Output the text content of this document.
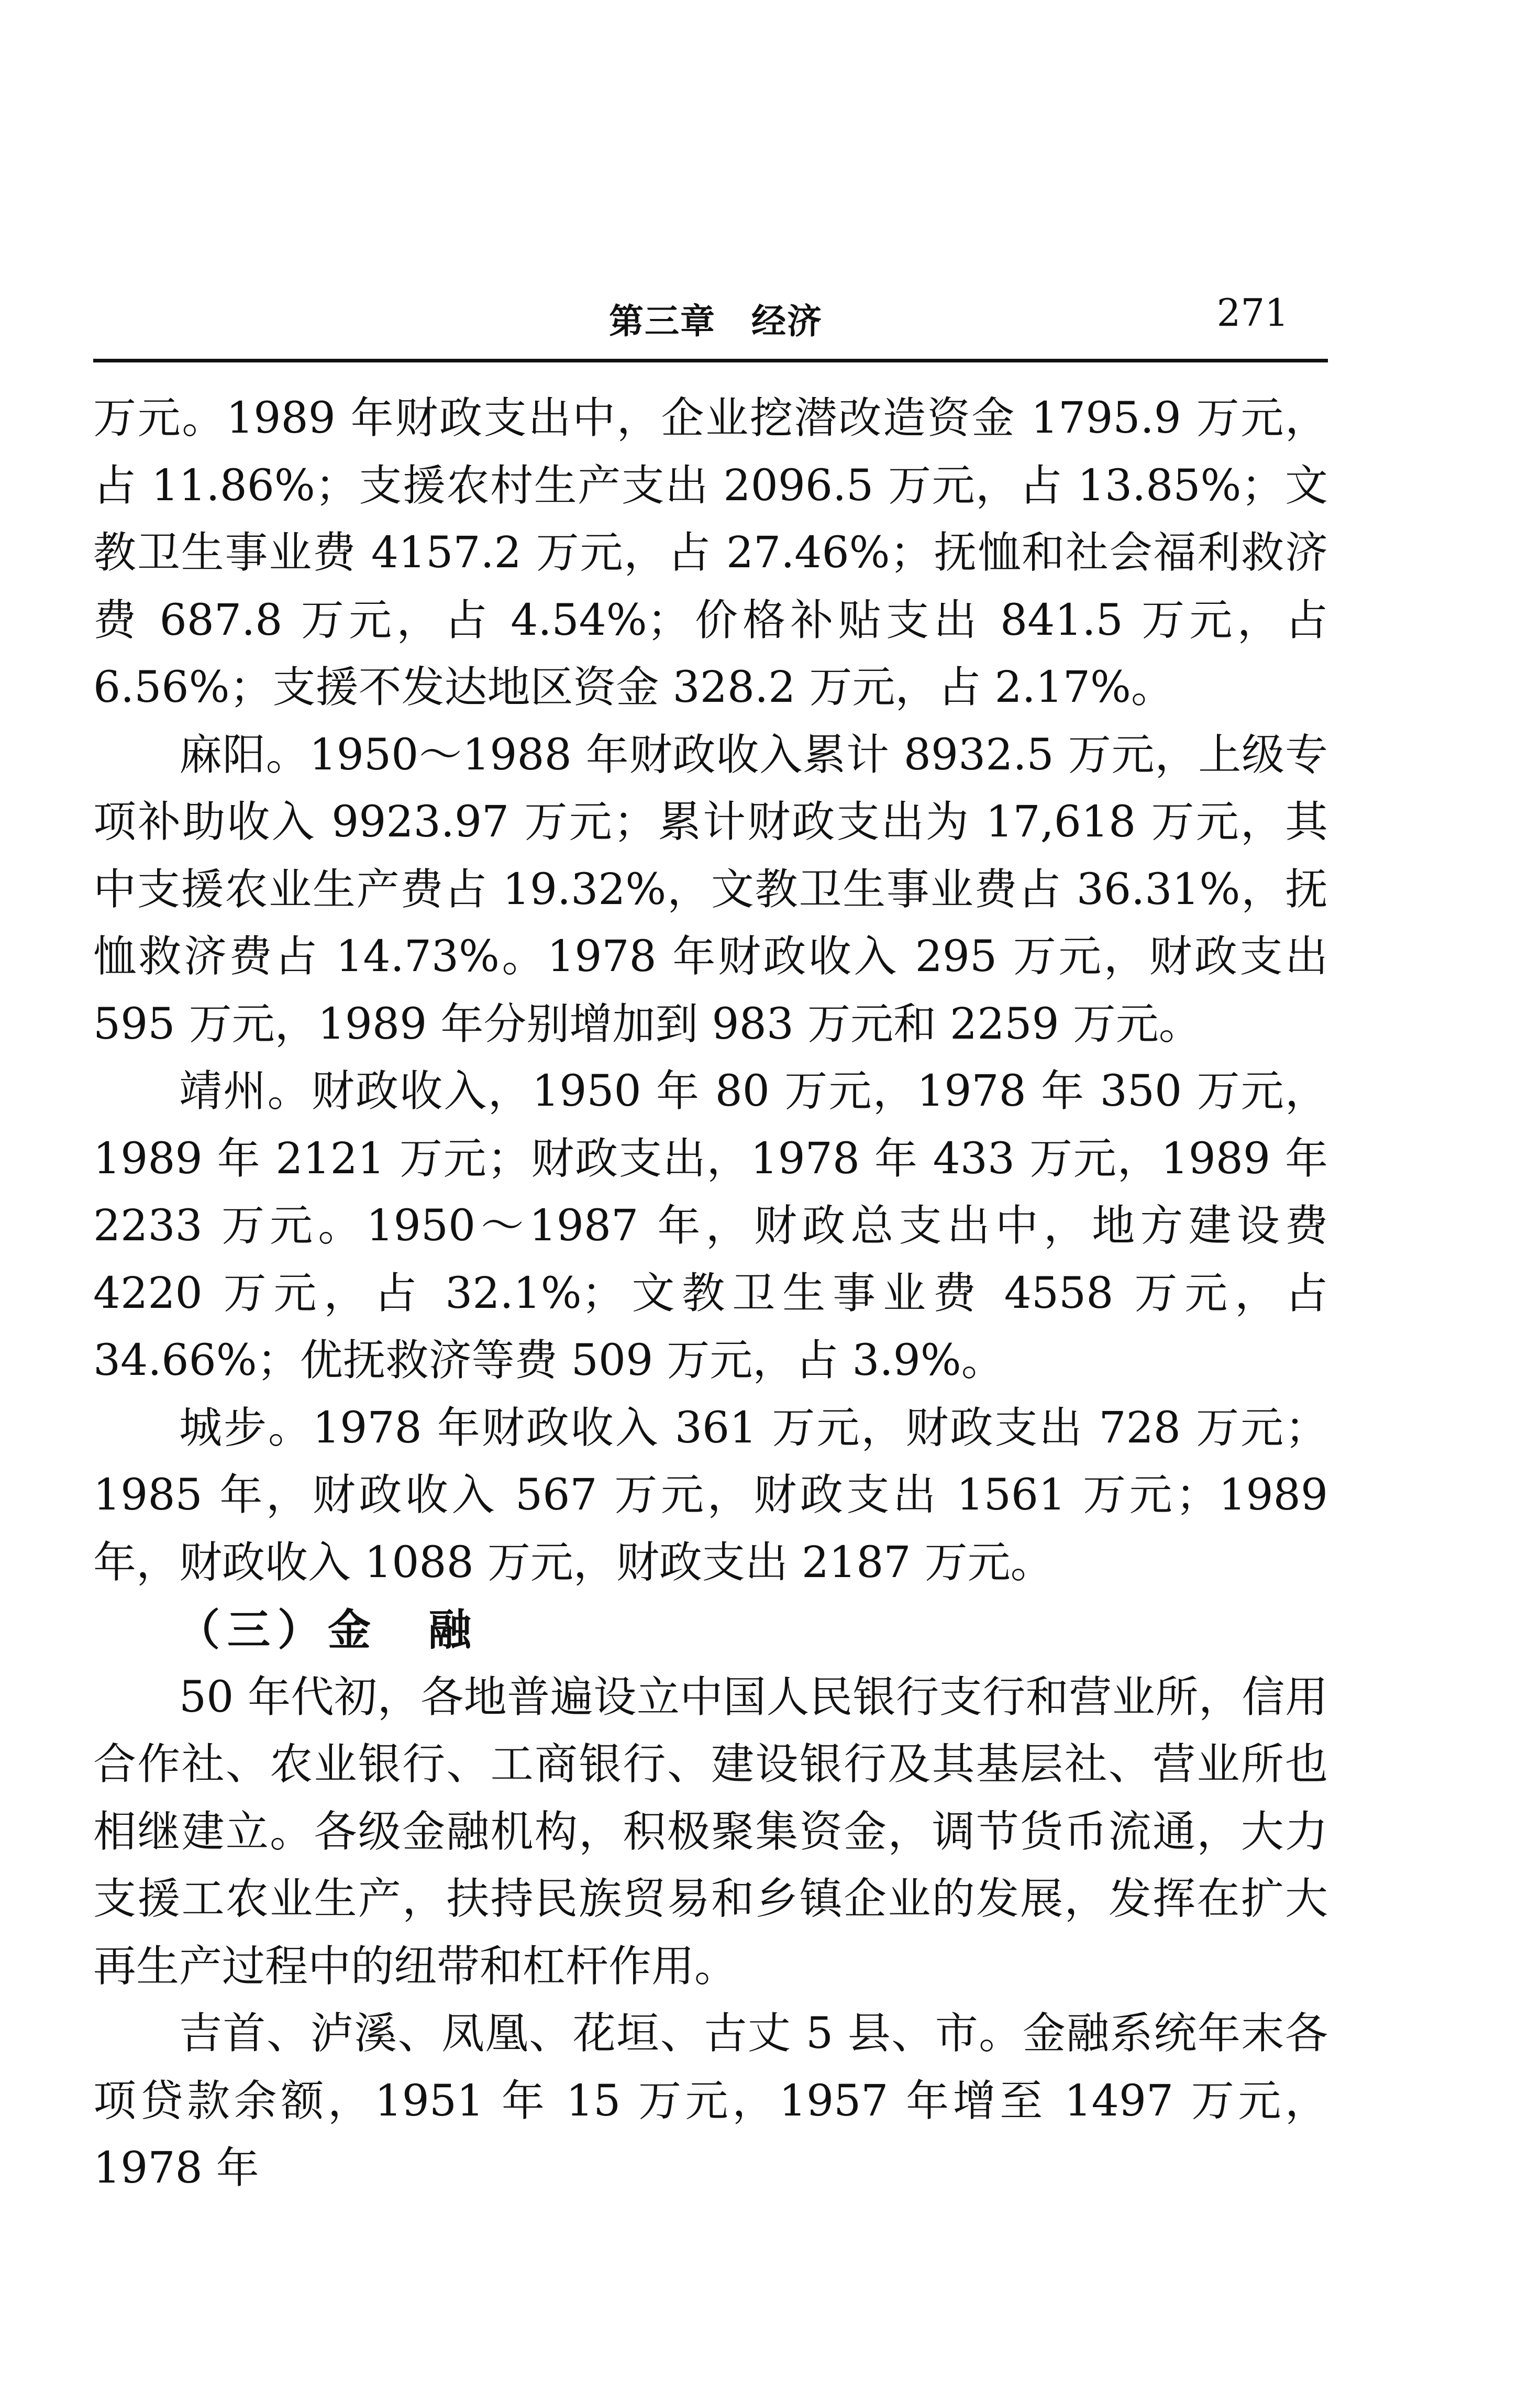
第三章　经济	271

万元。1989 年财政支出中，企业挖潜改造资金 1795.9 万元，占 11.86%；支援农村生产支出 2096.5 万元，占 13.85%；文教卫生事业费 4157.2 万元，占 27.46%；抚恤和社会福利救济费 687.8 万元，占 4.54%；价格补贴支出 841.5 万元，占 6.56%；支援不发达地区资金 328.2 万元，占 2.17%。

麻阳。1950～1988 年财政收入累计 8932.5 万元，上级专项补助收入 9923.97 万元；累计财政支出为 17,618 万元，其中支援农业生产费占 19.32%，文教卫生事业费占 36.31%，抚恤救济费占 14.73%。1978 年财政收入 295 万元，财政支出 595 万元，1989 年分别增加到 983 万元和 2259 万元。

靖州。财政收入，1950 年 80 万元，1978 年 350 万元，1989 年 2121 万元；财政支出，1978 年 433 万元，1989 年 2233 万元。1950～1987 年，财政总支出中，地方建设费 4220 万元，占 32.1%；文教卫生事业费 4558 万元，占 34.66%；优抚救济等费 509 万元，占 3.9%。

城步。1978 年财政收入 361 万元，财政支出 728 万元；1985 年，财政收入 567 万元，财政支出 1561 万元；1989 年，财政收入 1088 万元，财政支出 2187 万元。

（三）金　融

50 年代初，各地普遍设立中国人民银行支行和营业所，信用合作社、农业银行、工商银行、建设银行及其基层社、营业所也相继建立。各级金融机构，积极聚集资金，调节货币流通，大力支援工农业生产，扶持民族贸易和乡镇企业的发展，发挥在扩大再生产过程中的纽带和杠杆作用。

吉首、泸溪、凤凰、花垣、古丈 5 县、市。金融系统年末各项贷款余额，1951 年 15 万元，1957 年增至 1497 万元，1978 年
